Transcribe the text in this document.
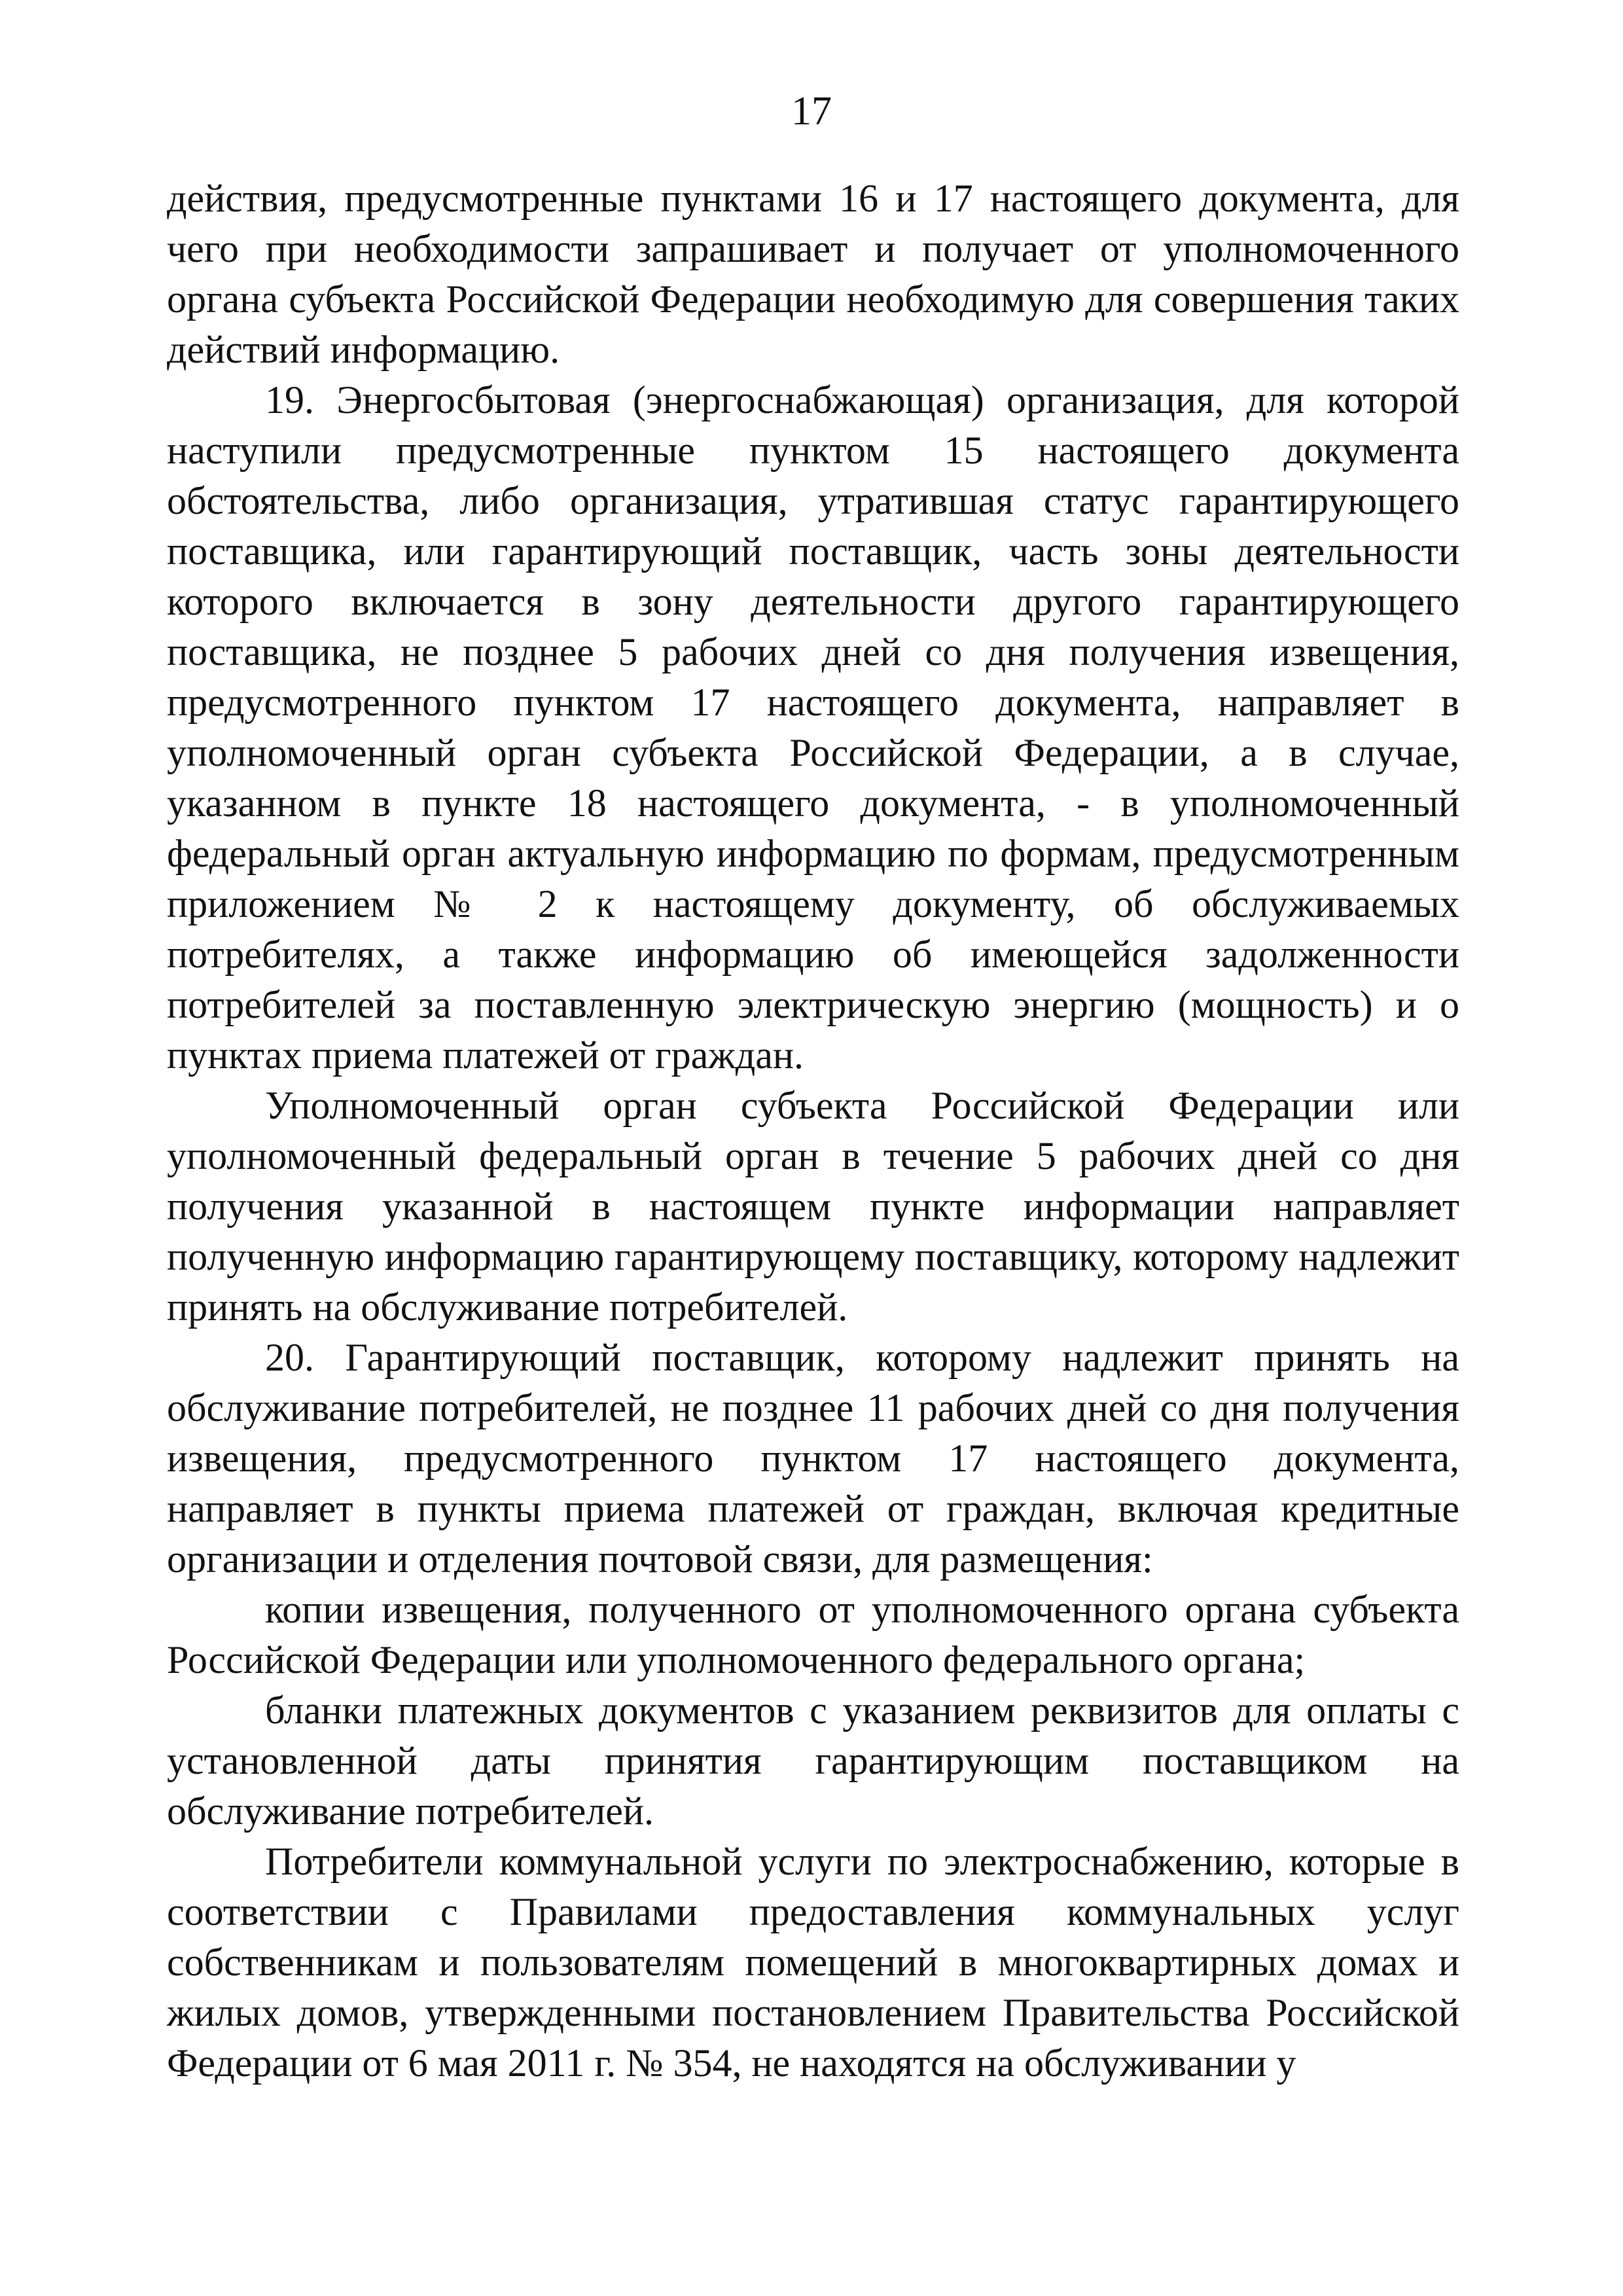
17

действия, предусмотренные пунктами 16 и 17 настоящего документа, для чего при необходимости запрашивает и получает от уполномоченного органа субъекта Российской Федерации необходимую для совершения таких действий информацию.

19. Энергосбытовая (энергоснабжающая) организация, для которой наступили предусмотренные пунктом 15 настоящего документа обстоятельства, либо организация, утратившая статус гарантирующего поставщика, или гарантирующий поставщик, часть зоны деятельности которого включается в зону деятельности другого гарантирующего поставщика, не позднее 5 рабочих дней со дня получения извещения, предусмотренного пунктом 17 настоящего документа, направляет в уполномоченный орган субъекта Российской Федерации, а в случае, указанном в пункте 18 настоящего документа, - в уполномоченный федеральный орган актуальную информацию по формам, предусмотренным приложением № 2 к настоящему документу, об обслуживаемых потребителях, а также информацию об имеющейся задолженности потребителей за поставленную электрическую энергию (мощность) и о пунктах приема платежей от граждан.

Уполномоченный орган субъекта Российской Федерации или уполномоченный федеральный орган в течение 5 рабочих дней со дня получения указанной в настоящем пункте информации направляет полученную информацию гарантирующему поставщику, которому надлежит принять на обслуживание потребителей.

20. Гарантирующий поставщик, которому надлежит принять на обслуживание потребителей, не позднее 11 рабочих дней со дня получения извещения, предусмотренного пунктом 17 настоящего документа, направляет в пункты приема платежей от граждан, включая кредитные организации и отделения почтовой связи, для размещения:

копии извещения, полученного от уполномоченного органа субъекта Российской Федерации или уполномоченного федерального органа;

бланки платежных документов с указанием реквизитов для оплаты с установленной даты принятия гарантирующим поставщиком на обслуживание потребителей.

Потребители коммунальной услуги по электроснабжению, которые в соответствии с Правилами предоставления коммунальных услуг собственникам и пользователям помещений в многоквартирных домах и жилых домов, утвержденными постановлением Правительства Российской Федерации от 6 мая 2011 г. № 354, не находятся на обслуживании у
